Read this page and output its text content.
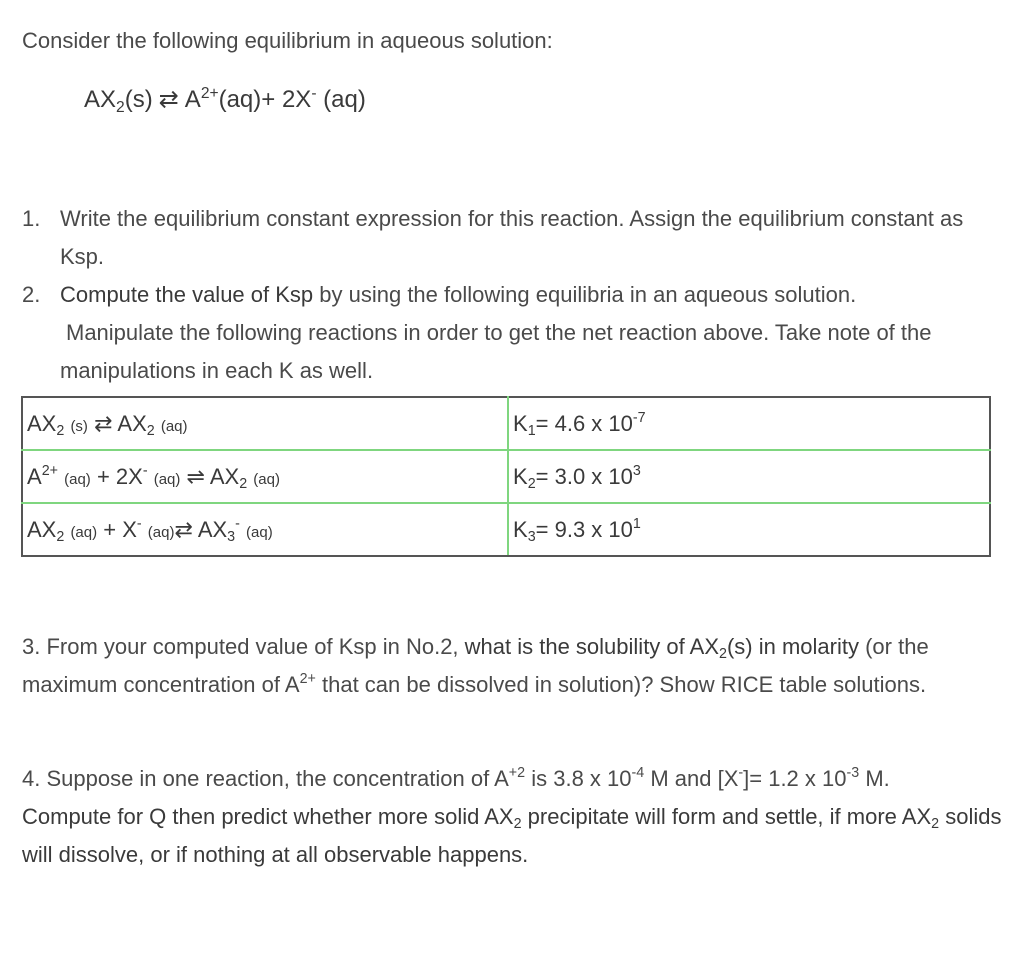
Consider the following equilibrium in aqueous solution:
$AX_2(s)$ ⇄ $A^{2+}(aq)+ 2X^-$ (aq)
1. Write the equilibrium constant expression for this reaction. Assign the equilibrium constant as Ksp.
2. Compute the value of Ksp by using the following equilibria in an aqueous solution.
Manipulate the following reactions in order to get the net reaction above. Take note of the manipulations in each K as well.
$AX_2$ (s) ⇄ $AX_2$ (aq)	$K_1= 4.6$ x $10^{-7}$
$A^{2+}$ (aq) + 2X- (aq) ⇌ $AX_2$ (aq)	$K_2= 3.0$ x $10^3$
$AX_2$ (aq) + X- (aq)⇄ $AX_3^-$ (aq)	$K_3= 9.3$ x $10^1$
3. From your computed value of Ksp in No.2, what is the solubility of $AX_2(s)$ in molarity (or the maximum concentration of $A^{2+}$ that can be dissolved in solution)? Show RICE table solutions.
4. Suppose in one reaction, the concentration of $A^{+2}$ is 3.8 x $10^{-4}$ M and [X-]= 1.2 x $10^{-3}$ M.
Compute for Q then predict whether more solid $AX_2$ precipitate will form and settle, if more $AX_2$ solids will dissolve, or if nothing at all observable happens.
